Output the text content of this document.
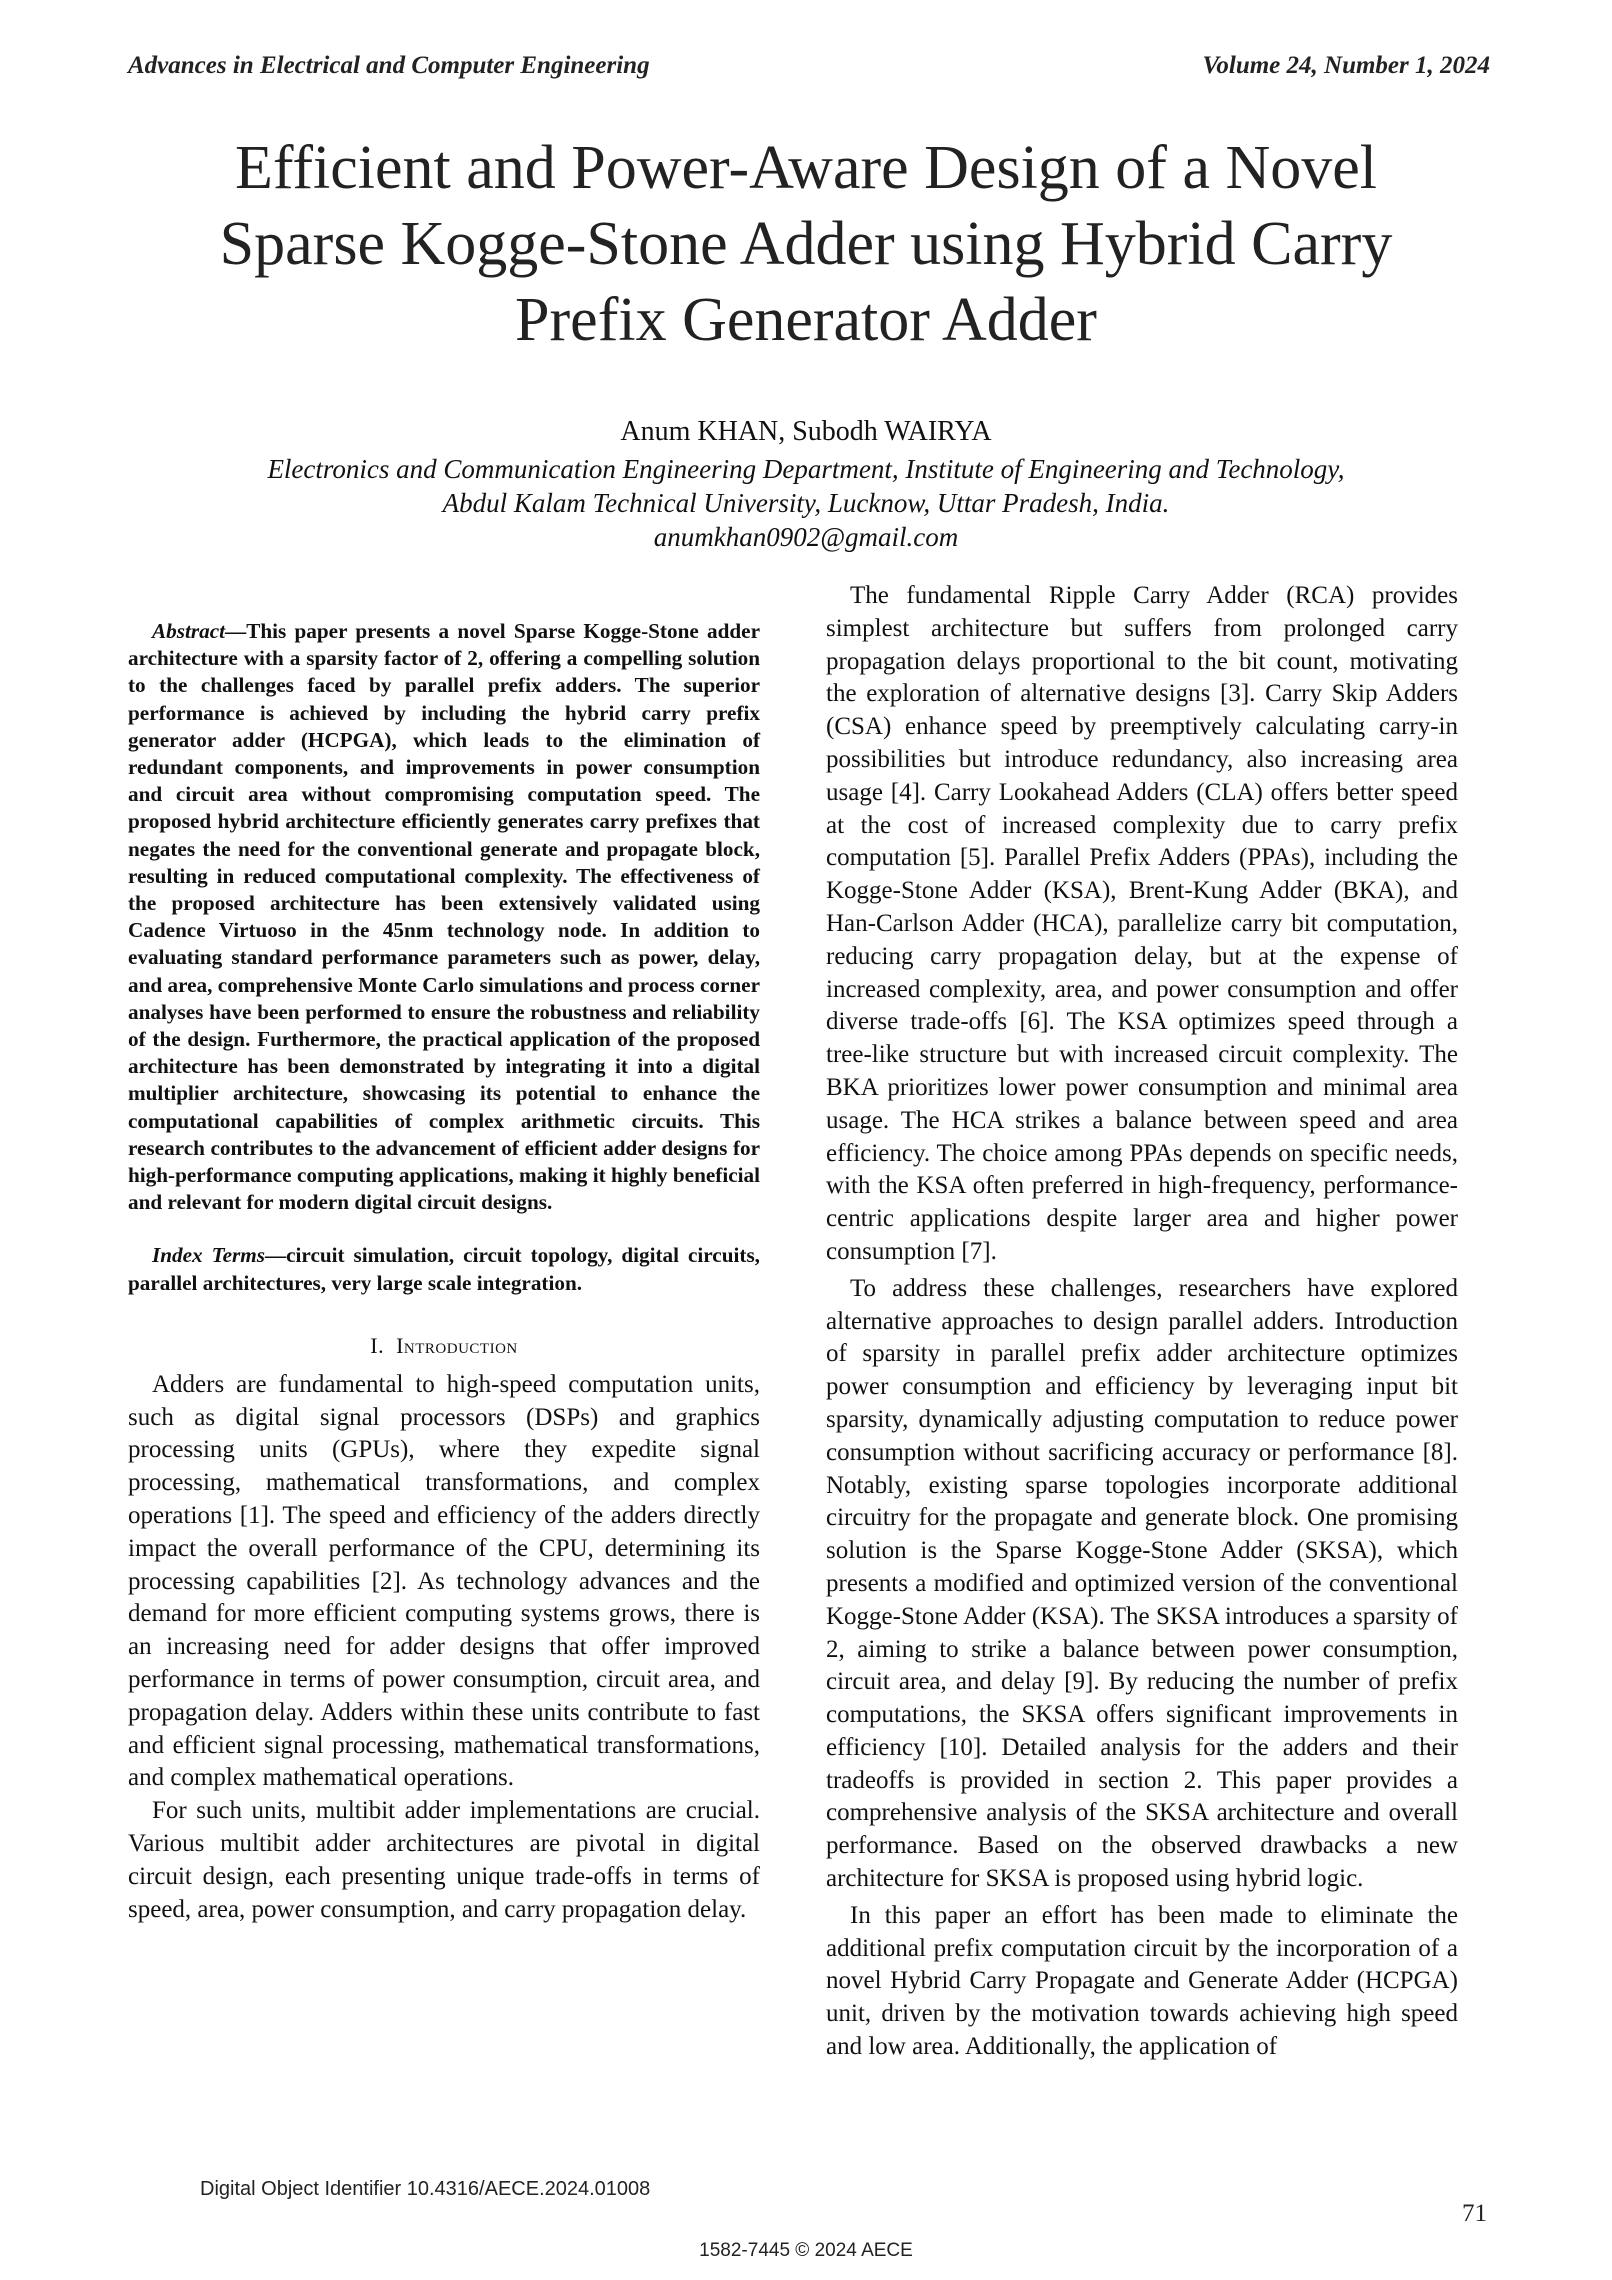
Advances in Electrical and Computer Engineering	Volume 24, Number 1, 2024
Efficient and Power-Aware Design of a Novel
Sparse Kogge-Stone Adder using Hybrid Carry
Prefix Generator Adder
Anum KHAN, Subodh WAIRYA
Electronics and Communication Engineering Department, Institute of Engineering and Technology,
Abdul Kalam Technical University, Lucknow, Uttar Pradesh, India.
anumkhan0902@gmail.com

Abstract—This paper presents a novel Sparse Kogge-Stone adder architecture with a sparsity factor of 2, offering a compelling solution to the challenges faced by parallel prefix adders. The superior performance is achieved by including the hybrid carry prefix generator adder (HCPGA), which leads to the elimination of redundant components, and improvements in power consumption and circuit area without compromising computation speed. The proposed hybrid architecture efficiently generates carry prefixes that negates the need for the conventional generate and propagate block, resulting in reduced computational complexity. The effectiveness of the proposed architecture has been extensively validated using Cadence Virtuoso in the 45nm technology node. In addition to evaluating standard performance parameters such as power, delay, and area, comprehensive Monte Carlo simulations and process corner analyses have been performed to ensure the robustness and reliability of the design. Furthermore, the practical application of the proposed architecture has been demonstrated by integrating it into a digital multiplier architecture, showcasing its potential to enhance the computational capabilities of complex arithmetic circuits. This research contributes to the advancement of efficient adder designs for high-performance computing applications, making it highly beneficial and relevant for modern digital circuit designs.

Index Terms—circuit simulation, circuit topology, digital circuits, parallel architectures, very large scale integration.

I. Introduction

Adders are fundamental to high-speed computation units, such as digital signal processors (DSPs) and graphics processing units (GPUs), where they expedite signal processing, mathematical transformations, and complex operations [1]. The speed and efficiency of the adders directly impact the overall performance of the CPU, determining its processing capabilities [2]. As technology advances and the demand for more efficient computing systems grows, there is an increasing need for adder designs that offer improved performance in terms of power consumption, circuit area, and propagation delay. Adders within these units contribute to fast and efficient signal processing, mathematical transformations, and complex mathematical operations.

For such units, multibit adder implementations are crucial. Various multibit adder architectures are pivotal in digital circuit design, each presenting unique trade-offs in terms of speed, area, power consumption, and carry propagation delay.

The fundamental Ripple Carry Adder (RCA) provides simplest architecture but suffers from prolonged carry propagation delays proportional to the bit count, motivating the exploration of alternative designs [3]. Carry Skip Adders (CSA) enhance speed by preemptively calculating carry-in possibilities but introduce redundancy, also increasing area usage [4]. Carry Lookahead Adders (CLA) offers better speed at the cost of increased complexity due to carry prefix computation [5]. Parallel Prefix Adders (PPAs), including the Kogge-Stone Adder (KSA), Brent-Kung Adder (BKA), and Han-Carlson Adder (HCA), parallelize carry bit computation, reducing carry propagation delay, but at the expense of increased complexity, area, and power consumption and offer diverse trade-offs [6]. The KSA optimizes speed through a tree-like structure but with increased circuit complexity. The BKA prioritizes lower power consumption and minimal area usage. The HCA strikes a balance between speed and area efficiency. The choice among PPAs depends on specific needs, with the KSA often preferred in high-frequency, performance-centric applications despite larger area and higher power consumption [7].

To address these challenges, researchers have explored alternative approaches to design parallel adders. Introduction of sparsity in parallel prefix adder architecture optimizes power consumption and efficiency by leveraging input bit sparsity, dynamically adjusting computation to reduce power consumption without sacrificing accuracy or performance [8]. Notably, existing sparse topologies incorporate additional circuitry for the propagate and generate block. One promising solution is the Sparse Kogge-Stone Adder (SKSA), which presents a modified and optimized version of the conventional Kogge-Stone Adder (KSA). The SKSA introduces a sparsity of 2, aiming to strike a balance between power consumption, circuit area, and delay [9]. By reducing the number of prefix computations, the SKSA offers significant improvements in efficiency [10]. Detailed analysis for the adders and their tradeoffs is provided in section 2. This paper provides a comprehensive analysis of the SKSA architecture and overall performance. Based on the observed drawbacks a new architecture for SKSA is proposed using hybrid logic.

In this paper an effort has been made to eliminate the additional prefix computation circuit by the incorporation of a novel Hybrid Carry Propagate and Generate Adder (HCPGA) unit, driven by the motivation towards achieving high speed and low area. Additionally, the application of

Digital Object Identifier 10.4316/AECE.2024.01008
71
1582-7445 © 2024 AECE
